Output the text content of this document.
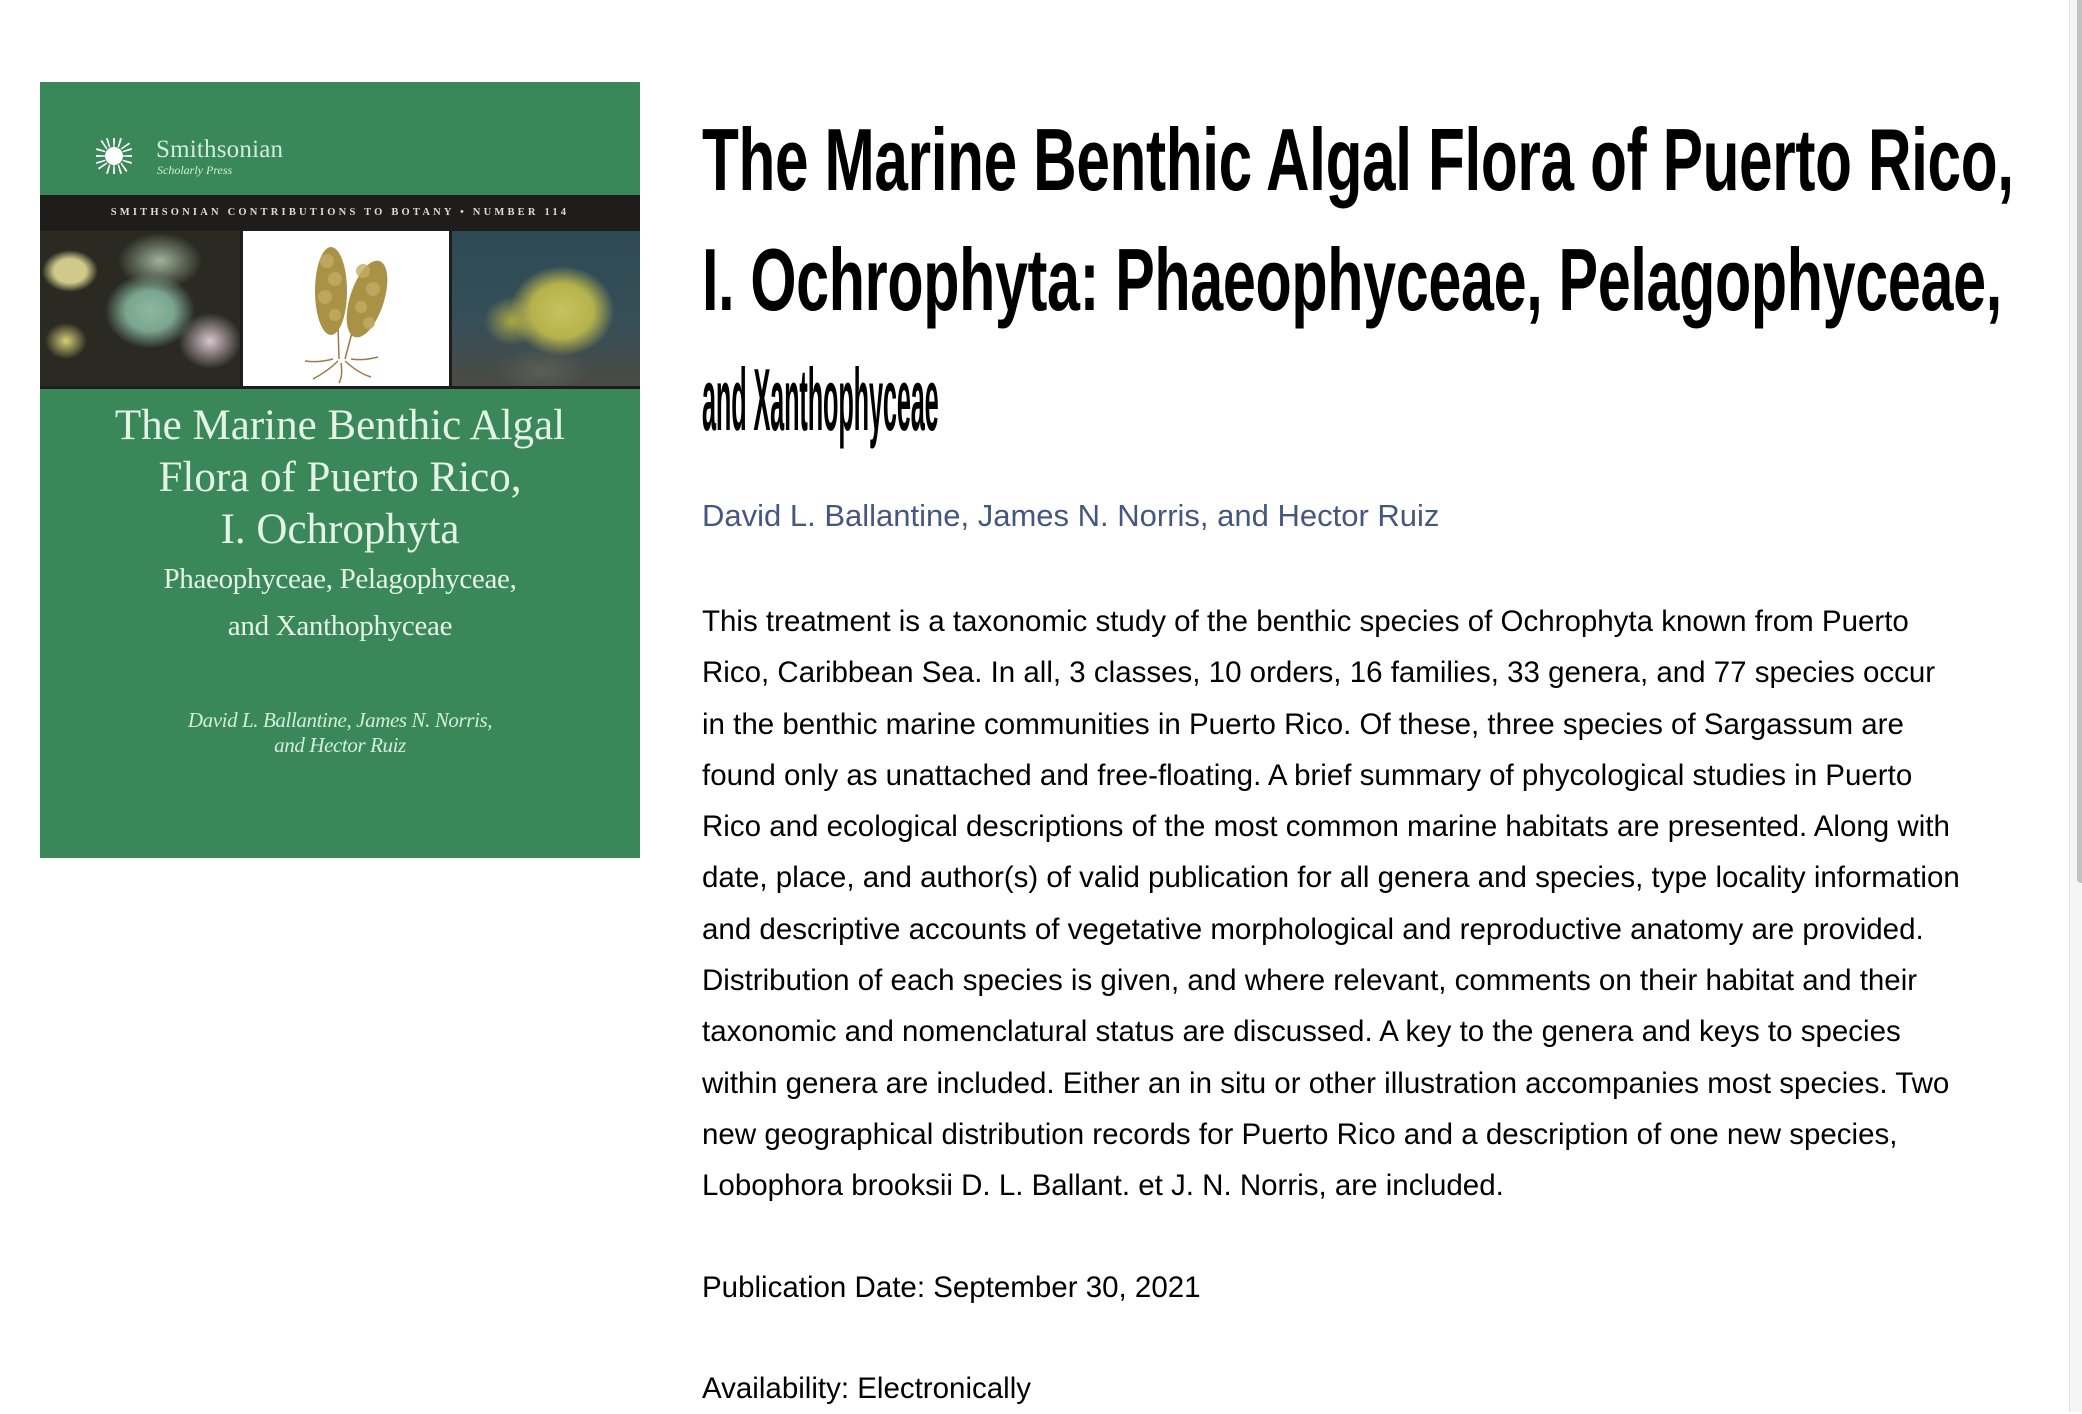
Smithsonian
Scholarly Press
SMITHSONIAN CONTRIBUTIONS TO BOTANY • NUMBER 114
The Marine Benthic Algal
Flora of Puerto Rico,
I. Ochrophyta
Phaeophyceae, Pelagophyceae,
and Xanthophyceae
David L. Ballantine, James N. Norris,
and Hector Ruiz
The Marine Benthic Algal Flora of Puerto Rico,
I. Ochrophyta: Phaeophyceae, Pelagophyceae,
and Xanthophyceae
David L. Ballantine, James N. Norris, and Hector Ruiz
This treatment is a taxonomic study of the benthic species of Ochrophyta known from Puerto
Rico, Caribbean Sea. In all, 3 classes, 10 orders, 16 families, 33 genera, and 77 species occur
in the benthic marine communities in Puerto Rico. Of these, three species of Sargassum are
found only as unattached and free-floating. A brief summary of phycological studies in Puerto
Rico and ecological descriptions of the most common marine habitats are presented. Along with
date, place, and author(s) of valid publication for all genera and species, type locality information
and descriptive accounts of vegetative morphological and reproductive anatomy are provided.
Distribution of each species is given, and where relevant, comments on their habitat and their
taxonomic and nomenclatural status are discussed. A key to the genera and keys to species
within genera are included. Either an in situ or other illustration accompanies most species. Two
new geographical distribution records for Puerto Rico and a description of one new species,
Lobophora brooksii D. L. Ballant. et J. N. Norris, are included.
Publication Date: September 30, 2021
Availability: Electronically
